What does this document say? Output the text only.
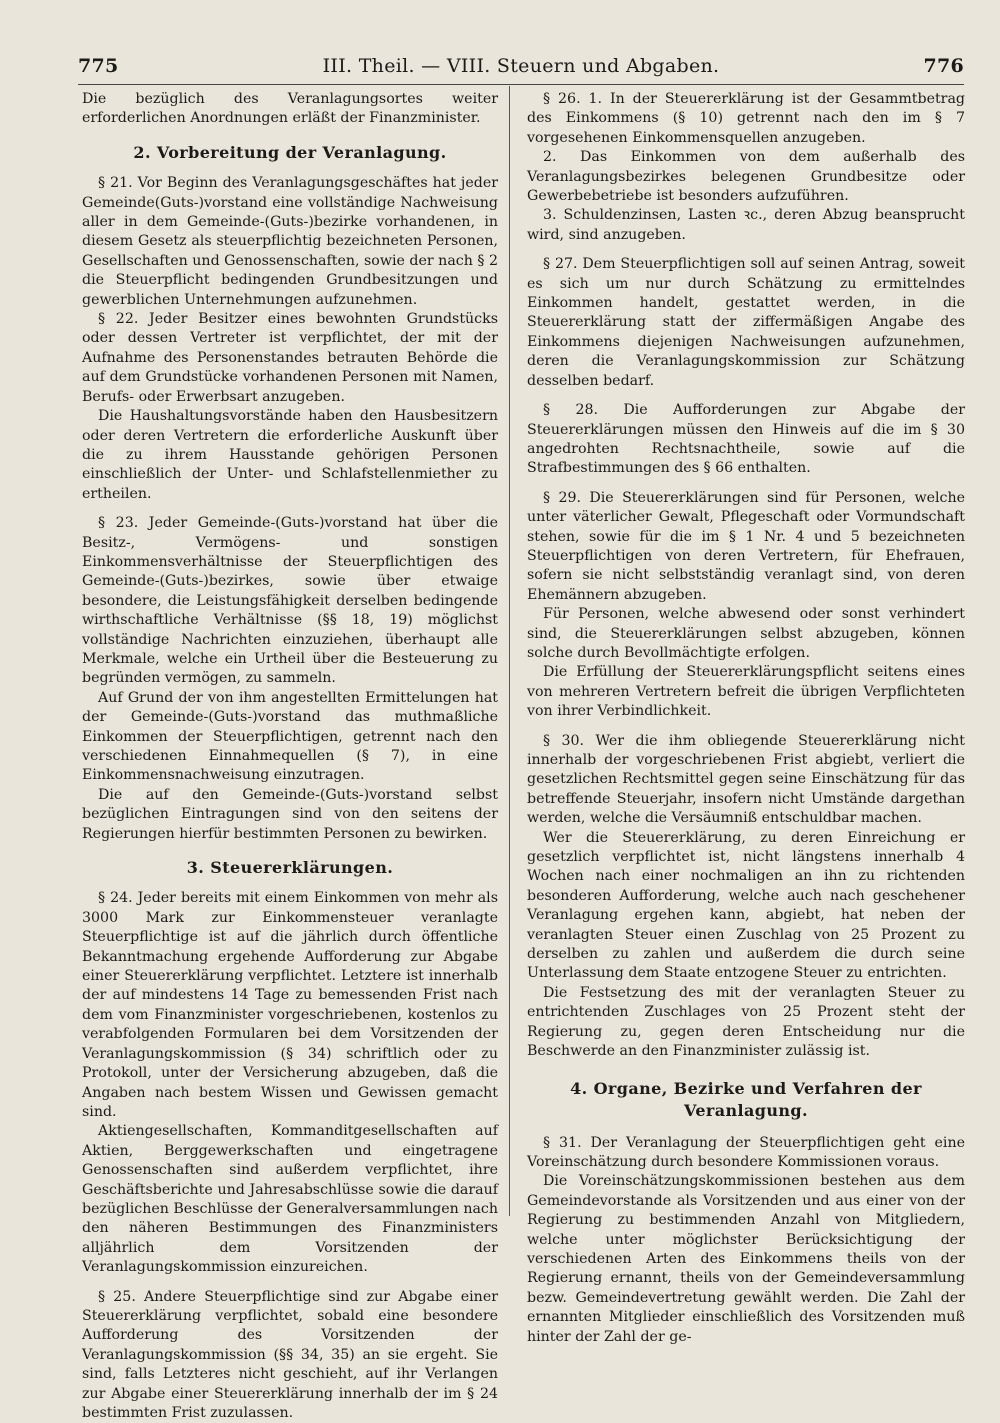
775	III. Theil. — VIII. Steuern und Abgaben.	776

Die bezüglich des Veranlagungsortes weiter erforderlichen Anordnungen erläßt der Finanzminister.

2. Vorbereitung der Veranlagung.

§ 21. Vor Beginn des Veranlagungsgeschäftes hat jeder Gemeinde(Guts-)vorstand eine vollständige Nachweisung aller in dem Gemeinde-(Guts-)bezirke vorhandenen, in diesem Gesetz als steuerpflichtig bezeichneten Personen, Gesellschaften und Genossenschaften, sowie der nach § 2 die Steuerpflicht bedingenden Grundbesitzungen und gewerblichen Unternehmungen aufzunehmen.

§ 22. Jeder Besitzer eines bewohnten Grundstücks oder dessen Vertreter ist verpflichtet, der mit der Aufnahme des Personenstandes betrauten Behörde die auf dem Grundstücke vorhandenen Personen mit Namen, Berufs- oder Erwerbsart anzugeben.

Die Haushaltungsvorstände haben den Hausbesitzern oder deren Vertretern die erforderliche Auskunft über die zu ihrem Hausstande gehörigen Personen einschließlich der Unter- und Schlafstellenmiether zu ertheilen.

§ 23. Jeder Gemeinde-(Guts-)vorstand hat über die Besitz-, Vermögens- und sonstigen Einkommensverhältnisse der Steuerpflichtigen des Gemeinde-(Guts-)bezirkes, sowie über etwaige besondere, die Leistungsfähigkeit derselben bedingende wirthschaftliche Verhältnisse (§§ 18, 19) möglichst vollständige Nachrichten einzuziehen, überhaupt alle Merkmale, welche ein Urtheil über die Besteuerung zu begründen vermögen, zu sammeln.

Auf Grund der von ihm angestellten Ermittelungen hat der Gemeinde-(Guts-)vorstand das muthmaßliche Einkommen der Steuerpflichtigen, getrennt nach den verschiedenen Einnahmequellen (§ 7), in eine Einkommensnachweisung einzutragen.

Die auf den Gemeinde-(Guts-)vorstand selbst bezüglichen Eintragungen sind von den seitens der Regierungen hierfür bestimmten Personen zu bewirken.

3. Steuererklärungen.

§ 24. Jeder bereits mit einem Einkommen von mehr als 3000 Mark zur Einkommensteuer veranlagte Steuerpflichtige ist auf die jährlich durch öffentliche Bekanntmachung ergehende Aufforderung zur Abgabe einer Steuererklärung verpflichtet. Letztere ist innerhalb der auf mindestens 14 Tage zu bemessenden Frist nach dem vom Finanzminister vorgeschriebenen, kostenlos zu verabfolgenden Formularen bei dem Vorsitzenden der Veranlagungskommission (§ 34) schriftlich oder zu Protokoll, unter der Versicherung abzugeben, daß die Angaben nach bestem Wissen und Gewissen gemacht sind.

Aktiengesellschaften, Kommanditgesellschaften auf Aktien, Berggewerkschaften und eingetragene Genossenschaften sind außerdem verpflichtet, ihre Geschäftsberichte und Jahresabschlüsse sowie die darauf bezüglichen Beschlüsse der Generalversammlungen nach den näheren Bestimmungen des Finanzministers alljährlich dem Vorsitzenden der Veranlagungskommission einzureichen.

§ 25. Andere Steuerpflichtige sind zur Abgabe einer Steuererklärung verpflichtet, sobald eine besondere Aufforderung des Vorsitzenden der Veranlagungskommission (§§ 34, 35) an sie ergeht. Sie sind, falls Letzteres nicht geschieht, auf ihr Verlangen zur Abgabe einer Steuererklärung innerhalb der im § 24 bestimmten Frist zuzulassen.

§ 26. 1. In der Steuererklärung ist der Gesammtbetrag des Einkommens (§ 10) getrennt nach den im § 7 vorgesehenen Einkommensquellen anzugeben.

2. Das Einkommen von dem außerhalb des Veranlagungsbezirkes belegenen Grundbesitze oder Gewerbebetriebe ist besonders aufzuführen.

3. Schuldenzinsen, Lasten ꝛc., deren Abzug beansprucht wird, sind anzugeben.

§ 27. Dem Steuerpflichtigen soll auf seinen Antrag, soweit es sich um nur durch Schätzung zu ermittelndes Einkommen handelt, gestattet werden, in die Steuererklärung statt der ziffermäßigen Angabe des Einkommens diejenigen Nachweisungen aufzunehmen, deren die Veranlagungskommission zur Schätzung desselben bedarf.

§ 28. Die Aufforderungen zur Abgabe der Steuererklärungen müssen den Hinweis auf die im § 30 angedrohten Rechtsnachtheile, sowie auf die Strafbestimmungen des § 66 enthalten.

§ 29. Die Steuererklärungen sind für Personen, welche unter väterlicher Gewalt, Pflegeschaft oder Vormundschaft stehen, sowie für die im § 1 Nr. 4 und 5 bezeichneten Steuerpflichtigen von deren Vertretern, für Ehefrauen, sofern sie nicht selbstständig veranlagt sind, von deren Ehemännern abzugeben.

Für Personen, welche abwesend oder sonst verhindert sind, die Steuererklärungen selbst abzugeben, können solche durch Bevollmächtigte erfolgen.

Die Erfüllung der Steuererklärungspflicht seitens eines von mehreren Vertretern befreit die übrigen Verpflichteten von ihrer Verbindlichkeit.

§ 30. Wer die ihm obliegende Steuererklärung nicht innerhalb der vorgeschriebenen Frist abgiebt, verliert die gesetzlichen Rechtsmittel gegen seine Einschätzung für das betreffende Steuerjahr, insofern nicht Umstände dargethan werden, welche die Versäumniß entschuldbar machen.

Wer die Steuererklärung, zu deren Einreichung er gesetzlich verpflichtet ist, nicht längstens innerhalb 4 Wochen nach einer nochmaligen an ihn zu richtenden besonderen Aufforderung, welche auch nach geschehener Veranlagung ergehen kann, abgiebt, hat neben der veranlagten Steuer einen Zuschlag von 25 Prozent zu derselben zu zahlen und außerdem die durch seine Unterlassung dem Staate entzogene Steuer zu entrichten.

Die Festsetzung des mit der veranlagten Steuer zu entrichtenden Zuschlages von 25 Prozent steht der Regierung zu, gegen deren Entscheidung nur die Beschwerde an den Finanzminister zulässig ist.

4. Organe, Bezirke und Verfahren der
Veranlagung.

§ 31. Der Veranlagung der Steuerpflichtigen geht eine Voreinschätzung durch besondere Kommissionen voraus.

Die Voreinschätzungskommissionen bestehen aus dem Gemeindevorstande als Vorsitzenden und aus einer von der Regierung zu bestimmenden Anzahl von Mitgliedern, welche unter möglichster Berücksichtigung der verschiedenen Arten des Einkommens theils von der Regierung ernannt, theils von der Gemeindeversammlung bezw. Gemeindevertretung gewählt werden. Die Zahl der ernannten Mitglieder einschließlich des Vorsitzenden muß hinter der Zahl der ge-
